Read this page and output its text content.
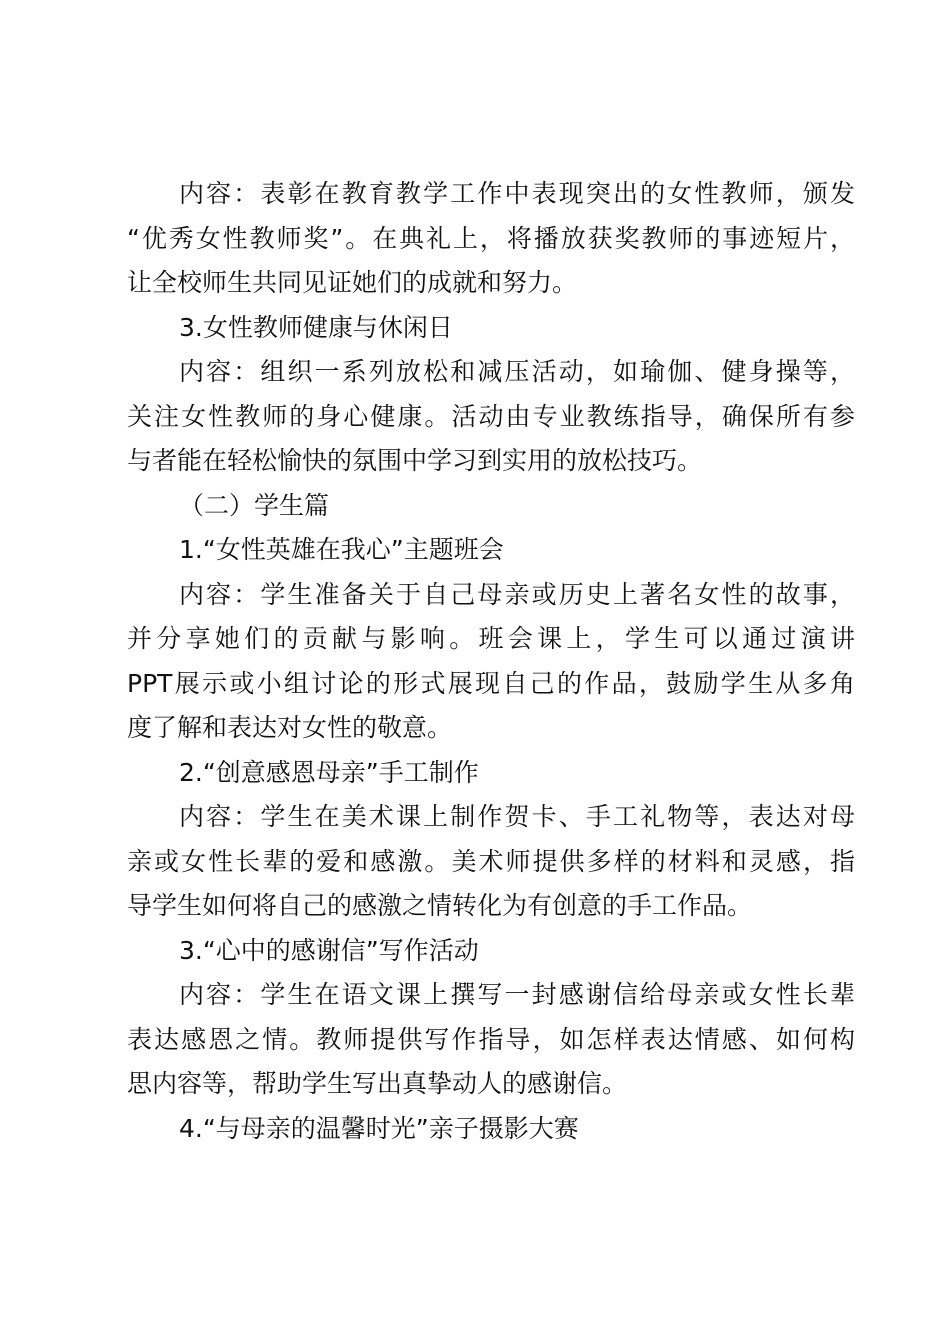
内容：表彰在教育教学工作中表现突出的女性教师，颁发
“优秀女性教师奖”。在典礼上，将播放获奖教师的事迹短片，
让全校师生共同见证她们的成就和努力。
3.女性教师健康与休闲日
内容：组织一系列放松和减压活动，如瑜伽、健身操等，
关注女性教师的身心健康。活动由专业教练指导，确保所有参
与者能在轻松愉快的氛围中学习到实用的放松技巧。
（二）学生篇
1.“女性英雄在我心”主题班会
内容：学生准备关于自己母亲或历史上著名女性的故事，
并分享她们的贡献与影响。班会课上，学生可以通过演讲
PPT展示或小组讨论的形式展现自己的作品，鼓励学生从多角
度了解和表达对女性的敬意。
2.“创意感恩母亲”手工制作
内容：学生在美术课上制作贺卡、手工礼物等，表达对母
亲或女性长辈的爱和感激。美术师提供多样的材料和灵感，指
导学生如何将自己的感激之情转化为有创意的手工作品。
3.“心中的感谢信”写作活动
内容：学生在语文课上撰写一封感谢信给母亲或女性长辈
表达感恩之情。教师提供写作指导，如怎样表达情感、如何构
思内容等，帮助学生写出真挚动人的感谢信。
4.“与母亲的温馨时光”亲子摄影大赛
